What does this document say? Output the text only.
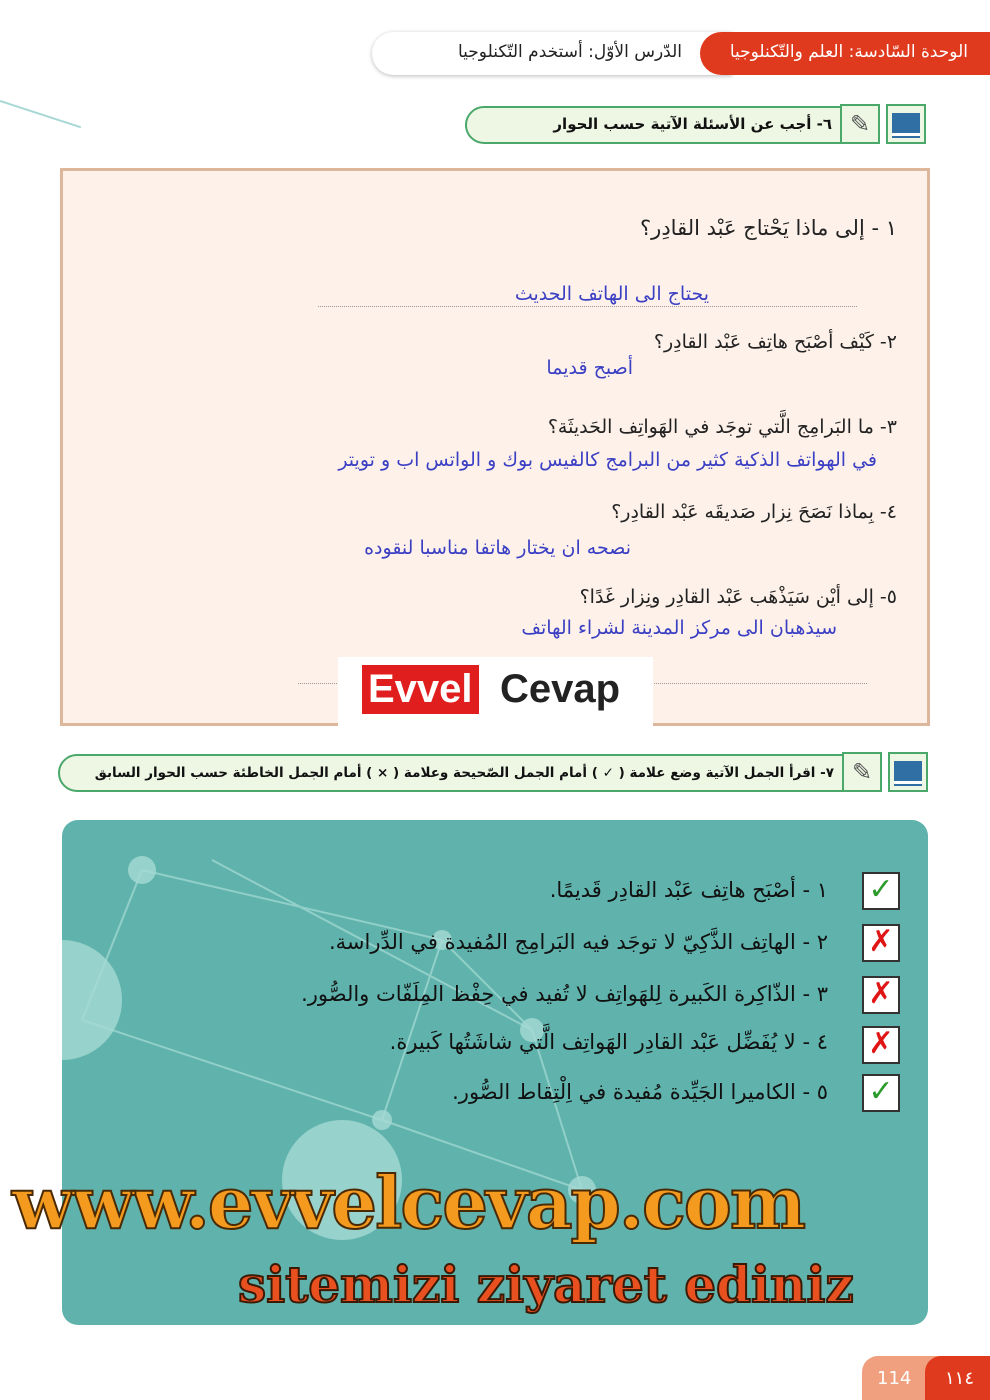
الدّرس الأوّل: أستخدم التّكنلوجيا	الوحدة السّادسة: العلم والتّكنلوجيا
✎
٦- أجب عن الأسئلة الآتية حسب الحوار
١ - إلى ماذا يَحْتاج عَبْد القادِر؟
يحتاج الى الهاتف الحديث
٢- كَيْف أصْبَح هاتِف عَبْد القادِر؟
أصبح قديما
٣- ما البَرامِج الَّتي توجَد في الهَواتِف الحَديثَة؟
في الهواتف الذكية كثير من البرامج كالفيس بوك و الواتس اب و تويتر
٤- بِماذا نَصَحَ نِزار صَديقَه عَبْد القادِر؟
نصحه ان يختار هاتفا مناسبا لنقوده
٥- إلى أيْن سَيَذْهَب عَبْد القادِر ونِزار غَدًا؟
سيذهبان الى مركز المدينة لشراء الهاتف
Evvel Cevap
✎
٧- اقرأ الجمل الآتية وضع علامة ( ✓ ) أمام الجمل الصّحيحة وعلامة ( × ) أمام الجمل الخاطئة حسب الحوار السابق
✓
١ - أصْبَح هاتِف عَبْد القادِر قَديمًا.
✗
٢ - الهاتِف الذَّكِيّ لا توجَد فيه البَرامِج المُفيدة في الدِّراسة.
✗
٣ - الذّاكِرة الكَبيرة لِلهَواتِف لا تُفيد في حِفْظ المِلَفّات والصُّور.
✗
٤ - لا يُفَضِّل عَبْد القادِر الهَواتِف الَّتي شاشَتُها كَبيرة.
✓
٥ - الكاميرا الجَيِّدة مُفيدة في اِلْتِقاط الصُّور.
www.evvelcevap.com
sitemizi ziyaret ediniz
114 ١١٤
